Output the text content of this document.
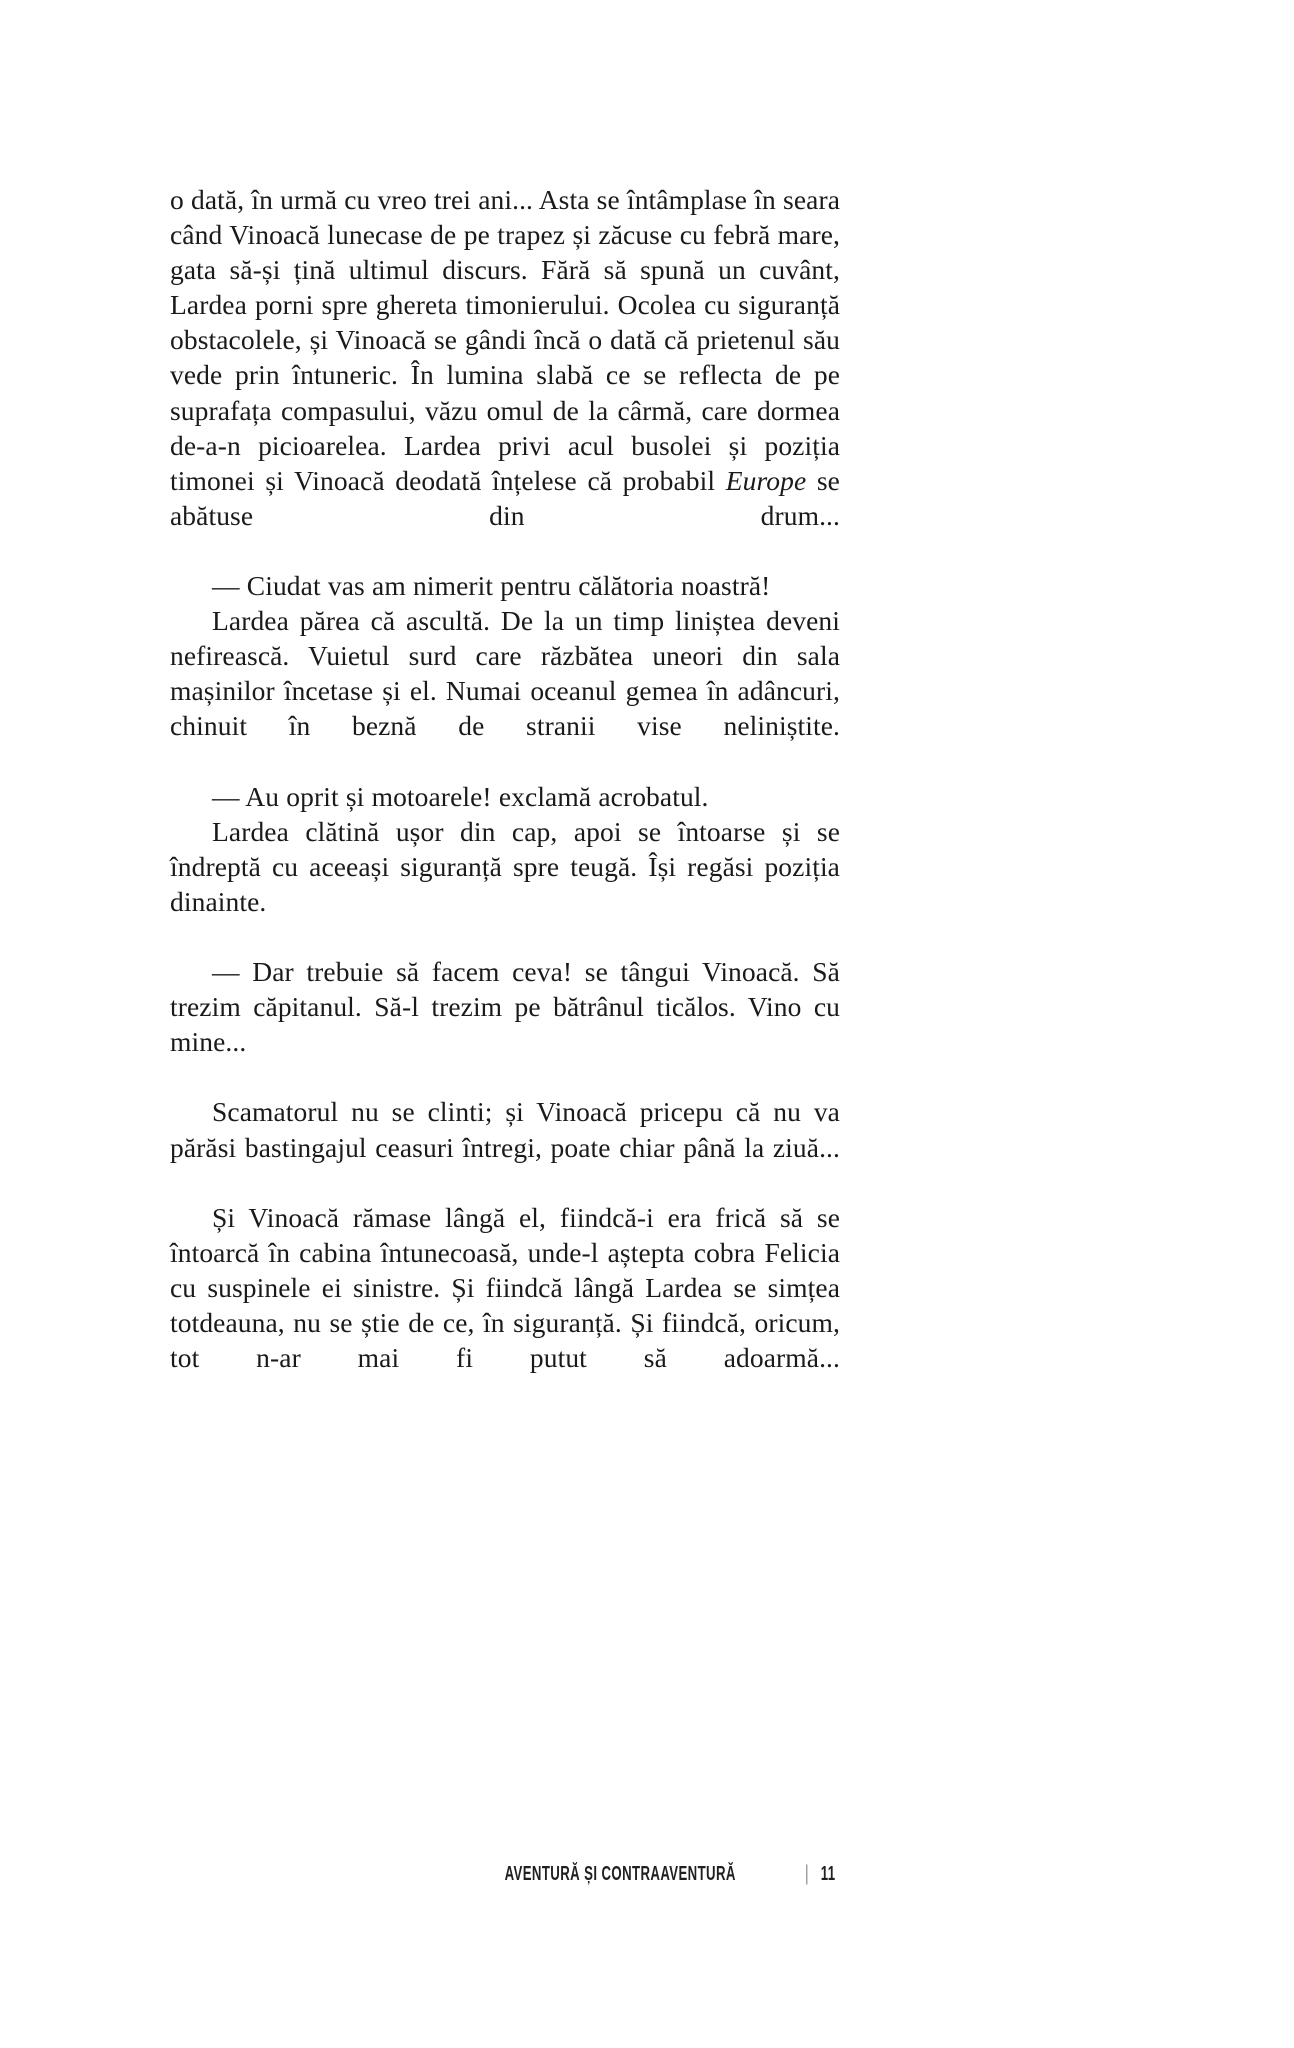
o dată, în urmă cu vreo trei ani... Asta se întâmplase în seara când Vinoacă lunecase de pe trapez și zăcuse cu febră mare, gata să-și țină ultimul discurs. Fără să spună un cuvânt, Lardea porni spre ghereta timonierului. Ocolea cu siguranță obstacolele, și Vinoacă se gândi încă o dată că prietenul său vede prin întuneric. În lumina slabă ce se reflecta de pe suprafața compasului, văzu omul de la cârmă, care dormea de-a-n picioarelea. Lardea privi acul busolei și poziția timonei și Vinoacă deodată înțelese că probabil Europe se abătuse din drum...

— Ciudat vas am nimerit pentru călătoria noastră!

Lardea părea că ascultă. De la un timp liniștea deveni nefirească. Vuietul surd care răzbătea uneori din sala mașinilor încetase și el. Numai oceanul gemea în adâncuri, chinuit în beznă de stranii vise neliniștite.

— Au oprit și motoarele! exclamă acrobatul.

Lardea clătină ușor din cap, apoi se întoarse și se îndreptă cu aceeași siguranță spre teugă. Își regăsi poziția dinainte.

— Dar trebuie să facem ceva! se tângui Vinoacă. Să trezim căpitanul. Să-l trezim pe bătrânul ticălos. Vino cu mine...

Scamatorul nu se clinti; și Vinoacă pricepu că nu va părăsi bastingajul ceasuri întregi, poate chiar până la ziuă...

Și Vinoacă rămase lângă el, fiindcă-i era frică să se întoarcă în cabina întunecoasă, unde-l aștepta cobra Felicia cu suspinele ei sinistre. Și fiindcă lângă Lardea se simțea totdeauna, nu se știe de ce, în siguranță. Și fiindcă, oricum, tot n-ar mai fi putut să adoarmă...

AVENTURĂ ȘI CONTRAAVENTURĂ	| 11
